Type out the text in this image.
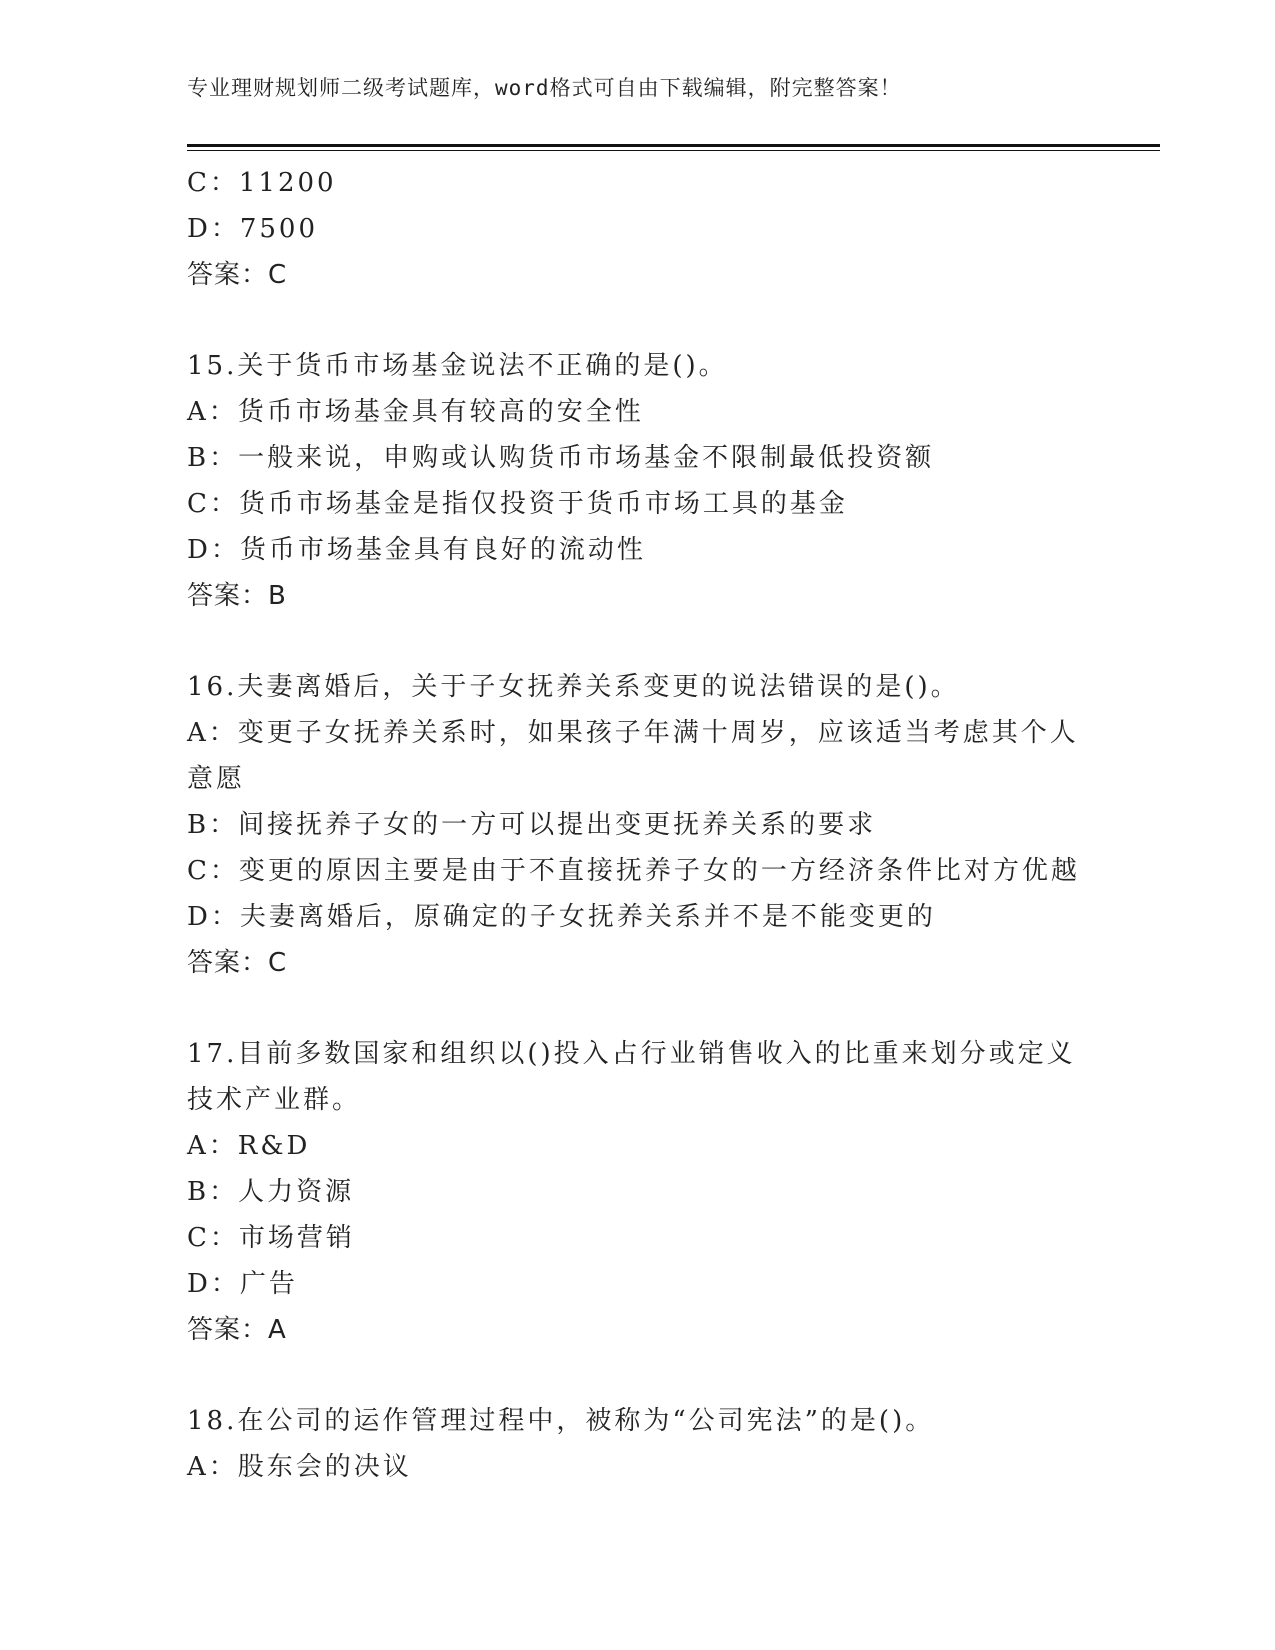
专业理财规划师二级考试题库，word格式可自由下载编辑，附完整答案！
C：11200
D：7500
答案：C
15.关于货币市场基金说法不正确的是()。
A：货币市场基金具有较高的安全性
B：一般来说，申购或认购货币市场基金不限制最低投资额
C：货币市场基金是指仅投资于货币市场工具的基金
D：货币市场基金具有良好的流动性
答案：B
16.夫妻离婚后，关于子女抚养关系变更的说法错误的是()。
A：变更子女抚养关系时，如果孩子年满十周岁，应该适当考虑其个人意愿
B：间接抚养子女的一方可以提出变更抚养关系的要求
C：变更的原因主要是由于不直接抚养子女的一方经济条件比对方优越
D：夫妻离婚后，原确定的子女抚养关系并不是不能变更的
答案：C
17.目前多数国家和组织以()投入占行业销售收入的比重来划分或定义技术产业群。
A：R&D
B：人力资源
C：市场营销
D：广告
答案：A
18.在公司的运作管理过程中，被称为“公司宪法”的是()。
A：股东会的决议
